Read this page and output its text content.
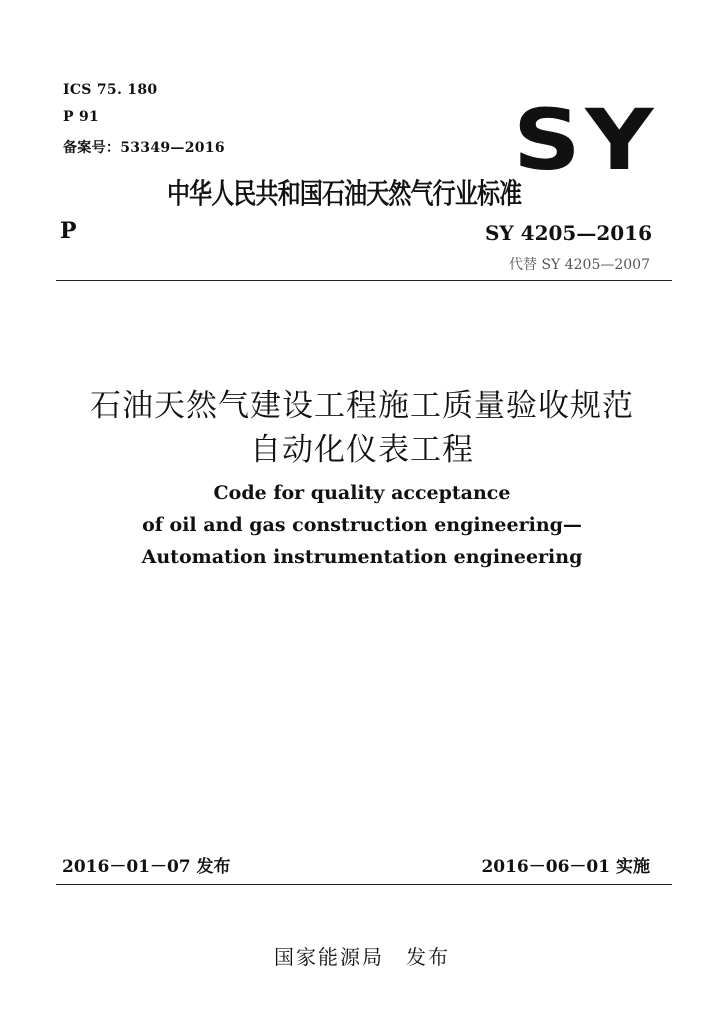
ICS 75. 180
P 91
备案号：53349—2016	SY
中华人民共和国石油天然气行业标准
P	SY 4205—2016
代替 SY 4205—2007
石油天然气建设工程施工质量验收规范
自动化仪表工程
Code for quality acceptance
of oil and gas construction engineering—
Automation instrumentation engineering
2016－01－07 发布	2016－06－01 实施
国家能源局　发布
